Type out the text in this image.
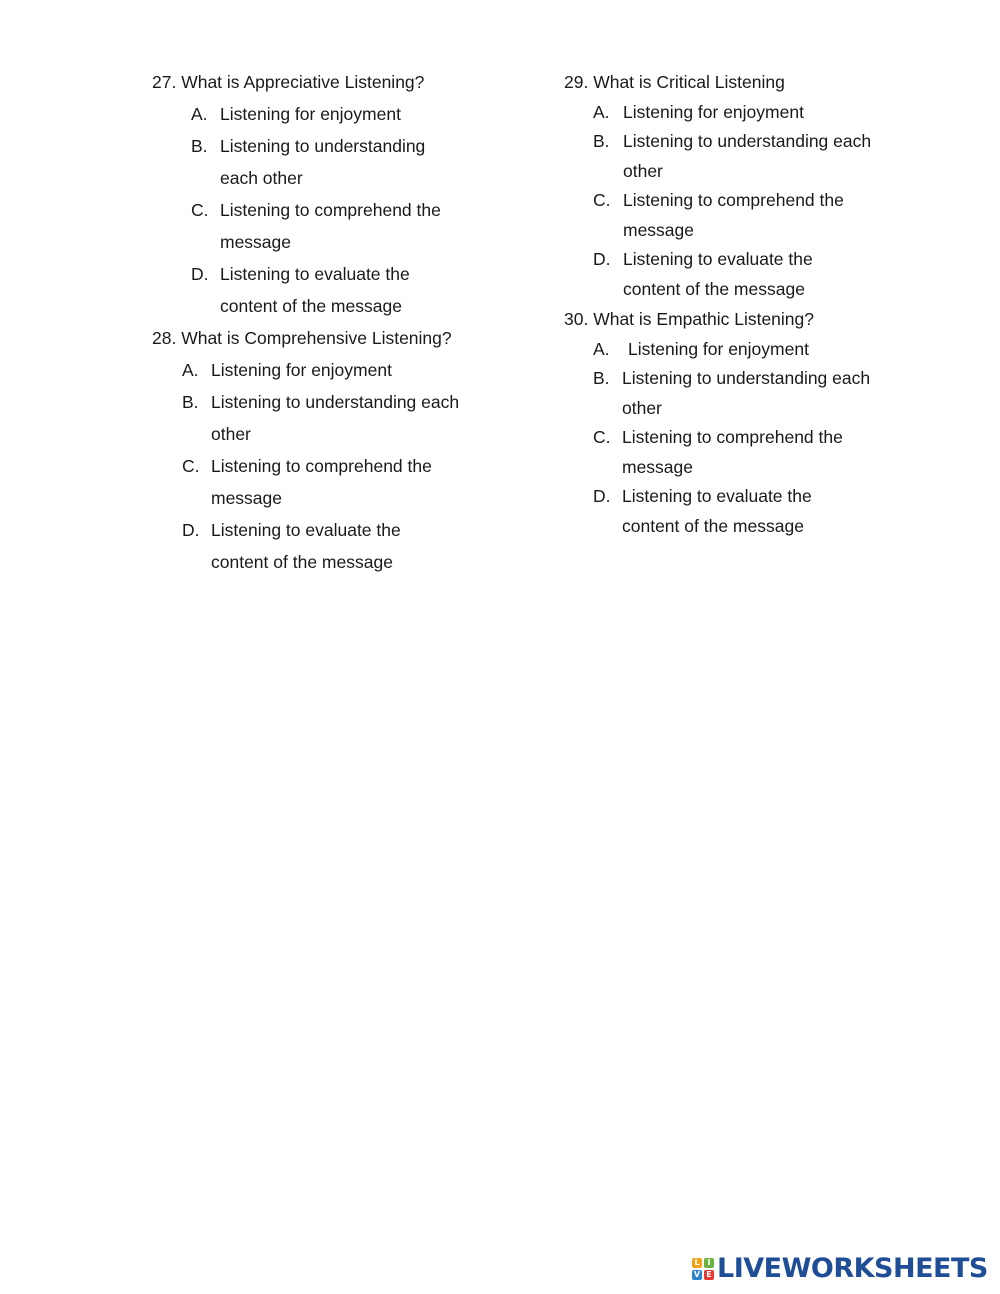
27. What is Appreciative Listening?
A. Listening for enjoyment
B. Listening to understanding
each other
C. Listening to comprehend the
message
D. Listening to evaluate the
content of the message
28. What is Comprehensive Listening?
A. Listening for enjoyment
B. Listening to understanding each
other
C. Listening to comprehend the
message
D. Listening to evaluate the
content of the message
29. What is Critical Listening
A. Listening for enjoyment
B. Listening to understanding each
other
C. Listening to comprehend the
message
D. Listening to evaluate the
content of the message
30. What is Empathic Listening?
A. Listening for enjoyment
B. Listening to understanding each
other
C. Listening to comprehend the
message
D. Listening to evaluate the
content of the message
L I
V E LIVEWORKSHEETS
